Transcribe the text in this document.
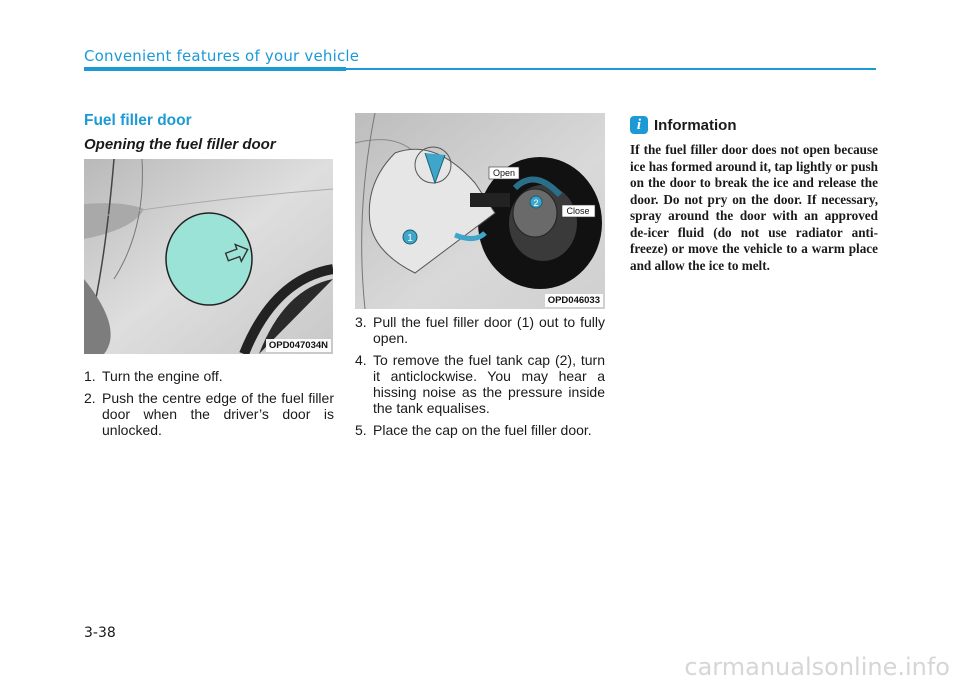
Convenient features of your vehicle
Fuel filler door
Opening the fuel filler door
OPD047034N
1
2
Open
Close
OPD046033
1. Turn the engine off.
2. Push the centre edge of the fuel filler door when the driver’s door is unlocked.
3. Pull the fuel filler door (1) out to fully open.
4. To remove the fuel tank cap (2), turn it anticlockwise. You may hear a hissing noise as the pressure inside the tank equalises.
5. Place the cap on the fuel filler door.
i Information

If the fuel filler door does not open because ice has formed around it, tap lightly or push on the door to break the ice and release the door. Do not pry on the door. If necessary, spray around the door with an approved de-icer fluid (do not use radiator anti-freeze) or move the vehicle to a warm place and allow the ice to melt.

3-38
carmanualsonline.info
